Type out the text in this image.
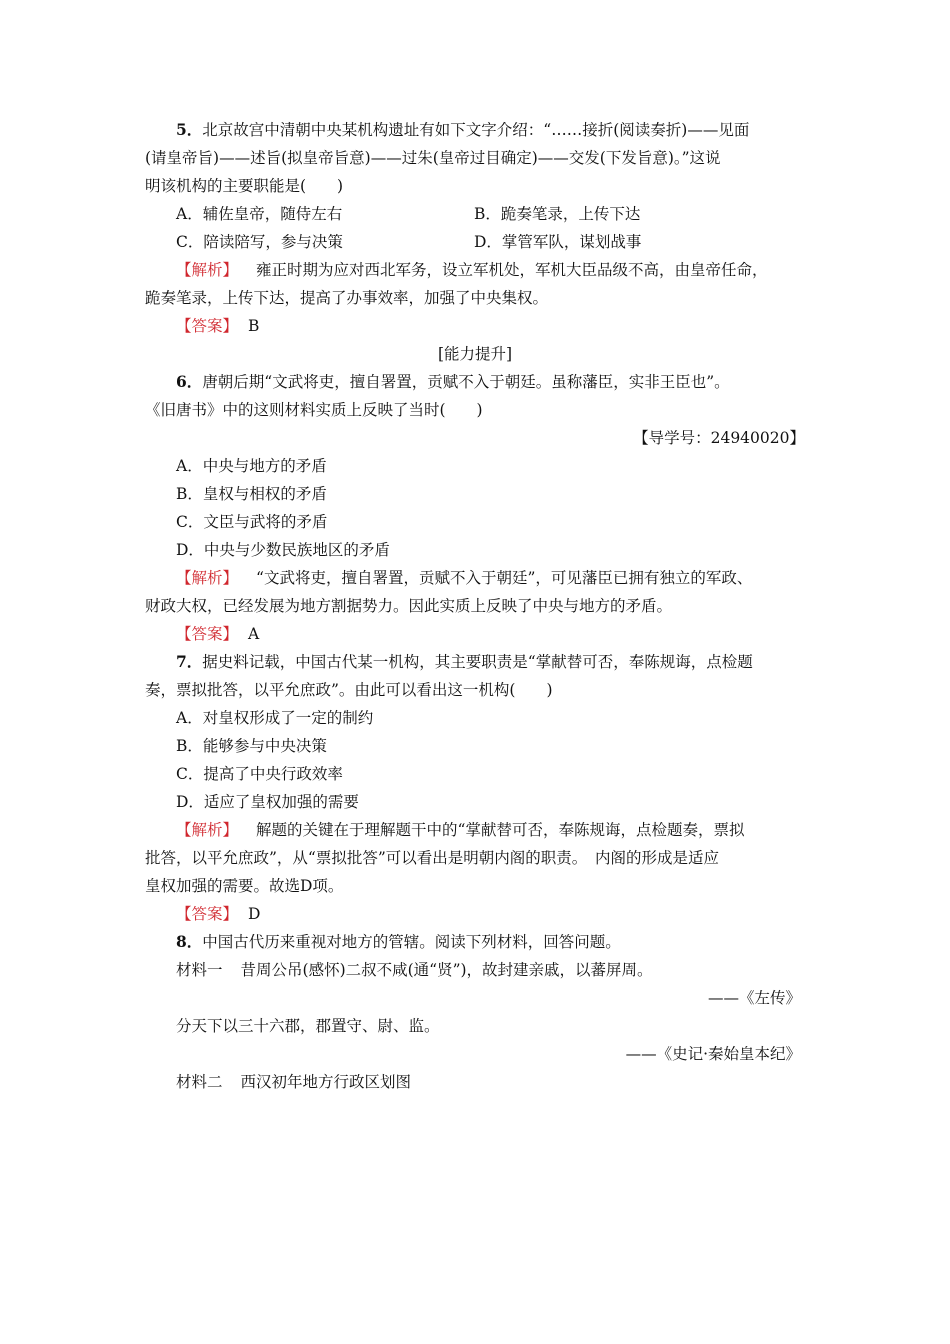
5．北京故宫中清朝中央某机构遗址有如下文字介绍：“……接折(阅读奏折)——见面
(请皇帝旨)——述旨(拟皇帝旨意)——过朱(皇帝过目确定)——交发(下发旨意)。”这说
明该机构的主要职能是(　　)
A．辅佐皇帝，随侍左右	B．跪奏笔录，上传下达
C．陪读陪写，参与决策	D．掌管军队，谋划战事
【解析】 雍正时期为应对西北军务，设立军机处，军机大臣品级不高，由皇帝任命，
跪奏笔录，上传下达，提高了办事效率，加强了中央集权。
【答案】 B
[能力提升]
6．唐朝后期“文武将吏，擅自署置，贡赋不入于朝廷。虽称藩臣，实非王臣也”。
《旧唐书》中的这则材料实质上反映了当时(　　)
【导学号：24940020】
A．中央与地方的矛盾
B．皇权与相权的矛盾
C．文臣与武将的矛盾
D．中央与少数民族地区的矛盾
【解析】 “文武将吏，擅自署置，贡赋不入于朝廷”，可见藩臣已拥有独立的军政、
财政大权，已经发展为地方割据势力。因此实质上反映了中央与地方的矛盾。
【答案】 A
7．据史料记载，中国古代某一机构，其主要职责是“掌献替可否，奉陈规诲，点检题
奏，票拟批答，以平允庶政”。由此可以看出这一机构(　　)
A．对皇权形成了一定的制约
B．能够参与中央决策
C．提高了中央行政效率
D．适应了皇权加强的需要
【解析】 解题的关键在于理解题干中的“掌献替可否，奉陈规诲，点检题奏，票拟
批答，以平允庶政”，从“票拟批答”可以看出是明朝内阁的职责。　内阁的形成是适应
皇权加强的需要。故选D项。
【答案】 D
8．中国古代历来重视对地方的管辖。阅读下列材料，回答问题。
材料一 昔周公吊(感怀)二叔不咸(通“贤”)，故封建亲戚，以蕃屏周。
——《左传》
分天下以三十六郡，郡置守、尉、监。
——《史记·秦始皇本纪》
材料二 西汉初年地方行政区划图
